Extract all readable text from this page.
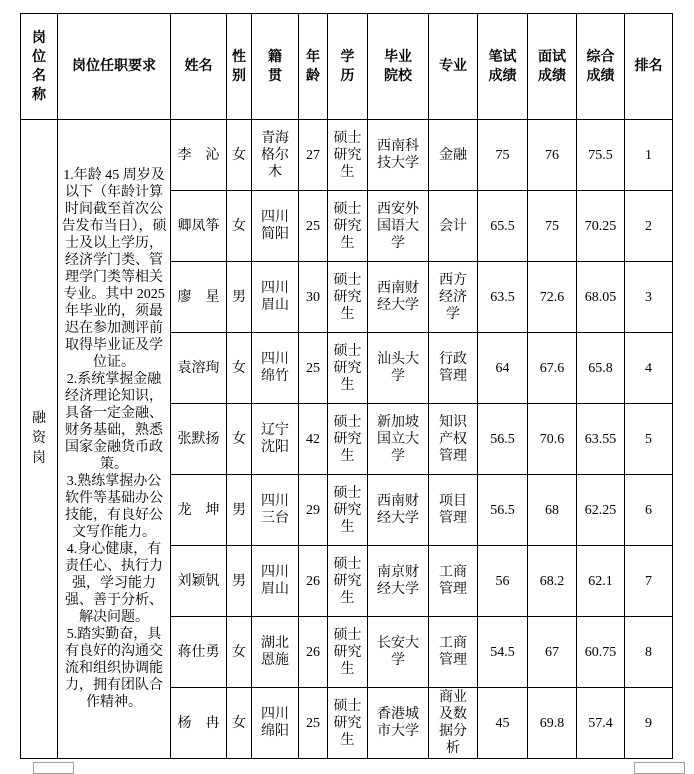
岗位名称	岗位任职要求	姓名	性别	籍贯	年龄	学历	毕业院校	专业	笔试成绩	面试成绩	综合成绩	排名

融资岗	1.年龄 45 周岁及以下（年龄计算时间截至首次公告发布当日），硕士及以上学历，经济学门类、管理学门类等相关专业。其中 2025 年毕业的，须最迟在参加测评前取得毕业证及学位证。
2.系统掌握金融经济理论知识，具备一定金融、财务基础，熟悉国家金融货币政策。
3.熟练掌握办公软件等基础办公技能，有良好公文写作能力。
4.身心健康，有责任心、执行力强，学习能力强、善于分析、解决问题。
5.踏实勤奋，具有良好的沟通交流和组织协调能力，拥有团队合作精神。	李　沁	女	青海格尔木	27	硕士研究生	西南科技大学	金融	75	76	75.5	1
		卿凤筝	女	四川简阳	25	硕士研究生	西安外国语大学	会计	65.5	75	70.25	2
		廖　星	男	四川眉山	30	硕士研究生	西南财经大学	西方经济学	63.5	72.6	68.05	3
		袁溶珣	女	四川绵竹	25	硕士研究生	汕头大学	行政管理	64	67.6	65.8	4
		张默扬	女	辽宁沈阳	42	硕士研究生	新加坡国立大学	知识产权管理	56.5	70.6	63.55	5
		龙　坤	男	四川三台	29	硕士研究生	西南财经大学	项目管理	56.5	68	62.25	6
		刘颖钒	男	四川眉山	26	硕士研究生	南京财经大学	工商管理	56	68.2	62.1	7
		蒋仕勇	女	湖北恩施	26	硕士研究生	长安大学	工商管理	54.5	67	60.75	8
		杨　冉	女	四川绵阳	25	硕士研究生	香港城市大学	商业及数据分析	45	69.8	57.4	9
